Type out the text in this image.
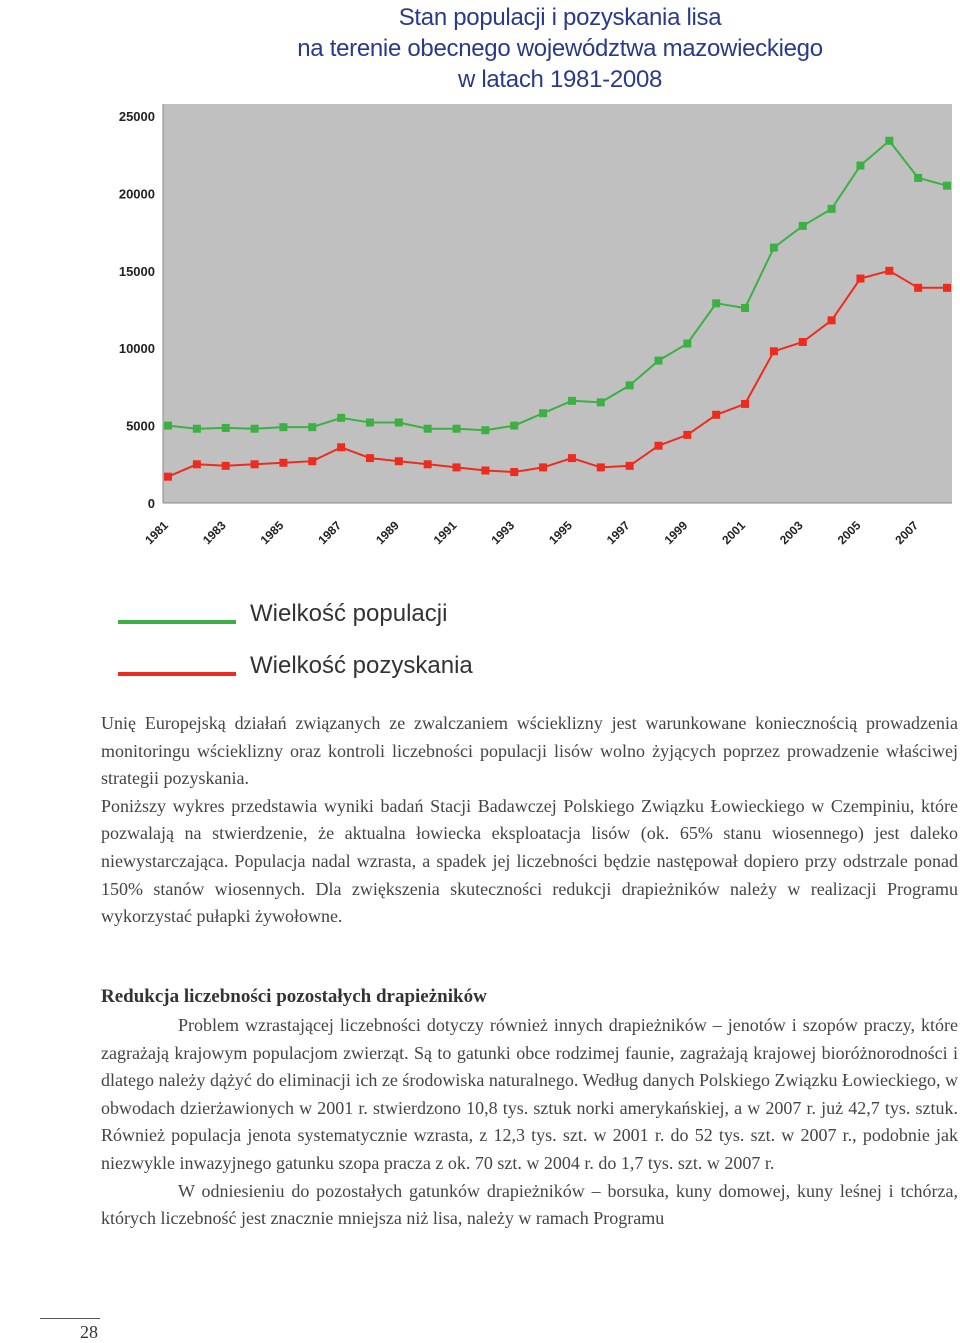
Stan populacji i pozyskania lisa
na terenie obecnego województwa mazowieckiego
w latach 1981-2008
0
5000
10000
15000
20000
25000
1981 1983 1985 1987 1989 1991 1993 1995 1997 1999 2001 2003 2005 2007
Wielkość populacji
Wielkość pozyskania

Unię Europejską działań związanych ze zwalczaniem wścieklizny jest warunkowane koniecznością prowadzenia monitoringu wścieklizny oraz kontroli liczebności populacji lisów wolno żyjących poprzez prowadzenie właściwej strategii pozyskania.

Poniższy wykres przedstawia wyniki badań Stacji Badawczej Polskiego Związku Łowieckiego w Czempiniu, które pozwalają na stwierdzenie, że aktualna łowiecka eksploatacja lisów (ok. 65% stanu wiosennego) jest daleko niewystarczająca. Populacja nadal wzrasta, a spadek jej liczebności będzie następował dopiero przy odstrzale ponad 150% stanów wiosennych. Dla zwiększenia skuteczności redukcji drapieżników należy w realizacji Programu wykorzystać pułapki żywołowne.

Redukcja liczebności pozostałych drapieżników

Problem wzrastającej liczebności dotyczy również innych drapieżników – jenotów i szopów praczy, które zagrażają krajowym populacjom zwierząt. Są to gatunki obce rodzimej faunie, zagrażają krajowej bioróżnorodności i dlatego należy dążyć do eliminacji ich ze środowiska naturalnego. Według danych Polskiego Związku Łowieckiego, w obwodach dzierżawionych w 2001 r. stwierdzono 10,8 tys. sztuk norki amerykańskiej, a w 2007 r. już 42,7 tys. sztuk. Również populacja jenota systematycznie wzrasta, z 12,3 tys. szt. w 2001 r. do 52 tys. szt. w 2007 r., podobnie jak niezwykle inwazyjnego gatunku szopa pracza z ok. 70 szt. w 2004 r. do 1,7 tys. szt. w 2007 r.

W odniesieniu do pozostałych gatunków drapieżników – borsuka, kuny domowej, kuny leśnej i tchórza, których liczebność jest znacznie mniejsza niż lisa, należy w ramach Programu

28
